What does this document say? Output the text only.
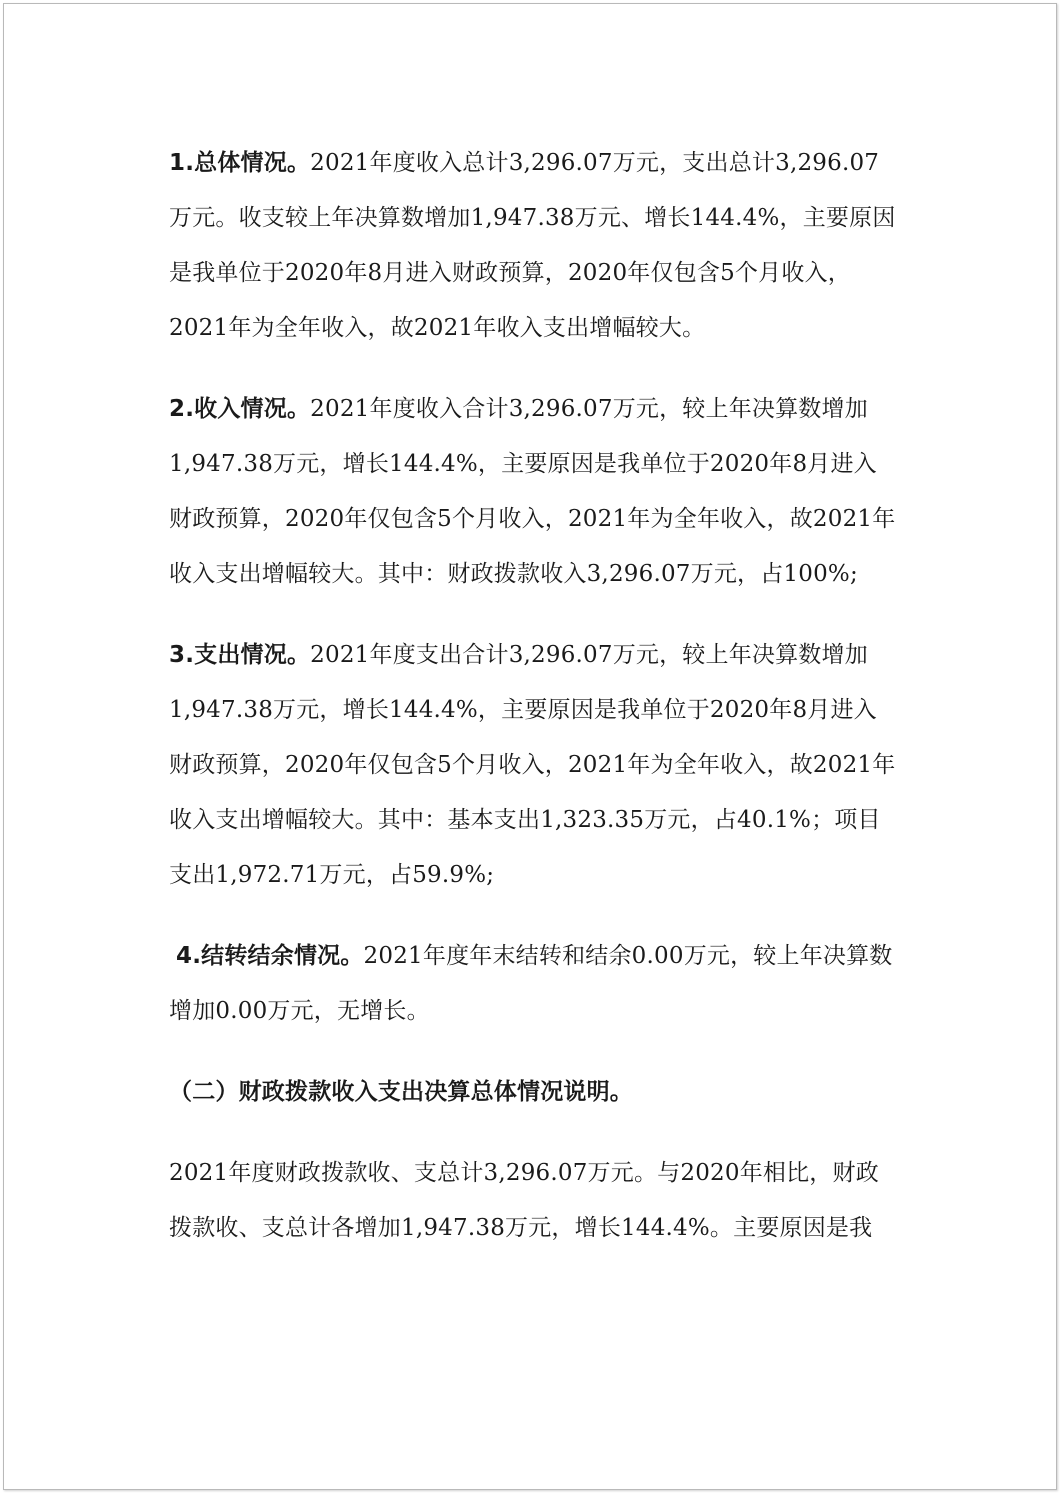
1.总体情况。2021年度收入总计3,296.07万元，支出总计3,296.07万元。收支较上年决算数增加1,947.38万元、增长144.4%，主要原因是我单位于2020年8月进入财政预算，2020年仅包含5个月收入，2021年为全年收入，故2021年收入支出增幅较大。

2.收入情况。2021年度收入合计3,296.07万元，较上年决算数增加1,947.38万元，增长144.4%，主要原因是我单位于2020年8月进入财政预算，2020年仅包含5个月收入，2021年为全年收入，故2021年收入支出增幅较大。其中：财政拨款收入3,296.07万元，占100%;

3.支出情况。2021年度支出合计3,296.07万元，较上年决算数增加1,947.38万元，增长144.4%，主要原因是我单位于2020年8月进入财政预算，2020年仅包含5个月收入，2021年为全年收入，故2021年收入支出增幅较大。其中：基本支出1,323.35万元，占40.1%；项目支出1,972.71万元，占59.9%;

4.结转结余情况。2021年度年末结转和结余0.00万元，较上年决算数增加0.00万元，无增长。

（二）财政拨款收入支出决算总体情况说明。

2021年度财政拨款收、支总计3,296.07万元。与2020年相比，财政拨款收、支总计各增加1,947.38万元，增长144.4%。主要原因是我
